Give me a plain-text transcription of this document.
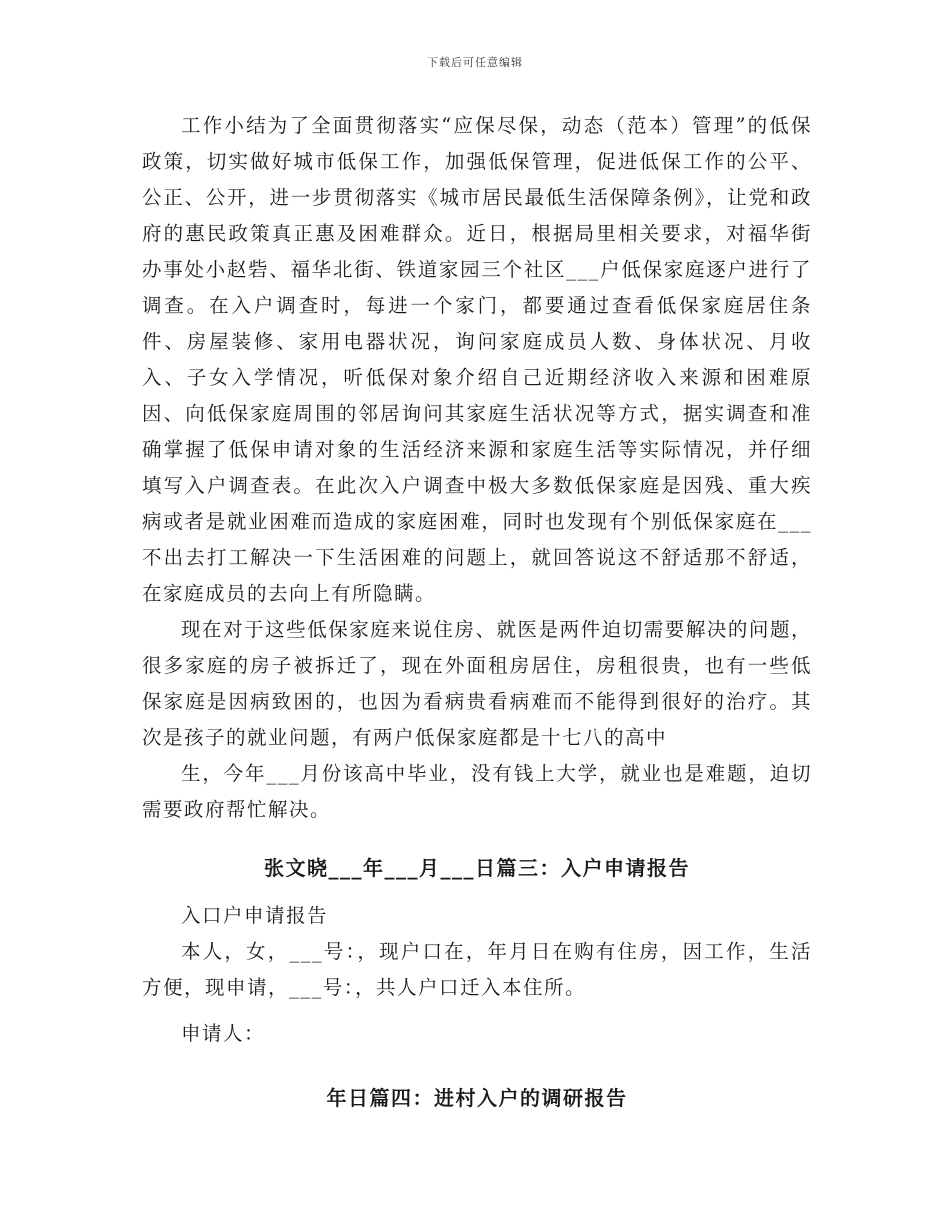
下载后可任意编辑

工作小结为了全面贯彻落实“应保尽保，动态（范本）管理”的低保政策，切实做好城市低保工作，加强低保管理，促进低保工作的公平、公正、公开，进一步贯彻落实《城市居民最低生活保障条例》，让党和政府的惠民政策真正惠及困难群众。近日，根据局里相关要求，对福华街办事处小赵砦、福华北街、铁道家园三个社区___户低保家庭逐户进行了调查。在入户调查时，每进一个家门，都要通过查看低保家庭居住条件、房屋装修、家用电器状况，询问家庭成员人数、身体状况、月收入、子女入学情况，听低保对象介绍自己近期经济收入来源和困难原因、向低保家庭周围的邻居询问其家庭生活状况等方式，据实调查和准确掌握了低保申请对象的生活经济来源和家庭生活等实际情况，并仔细填写入户调查表。在此次入户调查中极大多数低保家庭是因残、重大疾病或者是就业困难而造成的家庭困难，同时也发现有个别低保家庭在___不出去打工解决一下生活困难的问题上，就回答说这不舒适那不舒适，在家庭成员的去向上有所隐瞒。

现在对于这些低保家庭来说住房、就医是两件迫切需要解决的问题，很多家庭的房子被拆迁了，现在外面租房居住，房租很贵，也有一些低保家庭是因病致困的，也因为看病贵看病难而不能得到很好的治疗。其次是孩子的就业问题，有两户低保家庭都是十七八的高中

生，今年___月份该高中毕业，没有钱上大学，就业也是难题，迫切需要政府帮忙解决。

张文晓___年___月___日篇三：入户申请报告

入口户申请报告

本人，女，___号：，现户口在，年月日在购有住房，因工作，生活方便，现申请，___号：，共人户口迁入本住所。

申请人：

年日篇四：进村入户的调研报告
